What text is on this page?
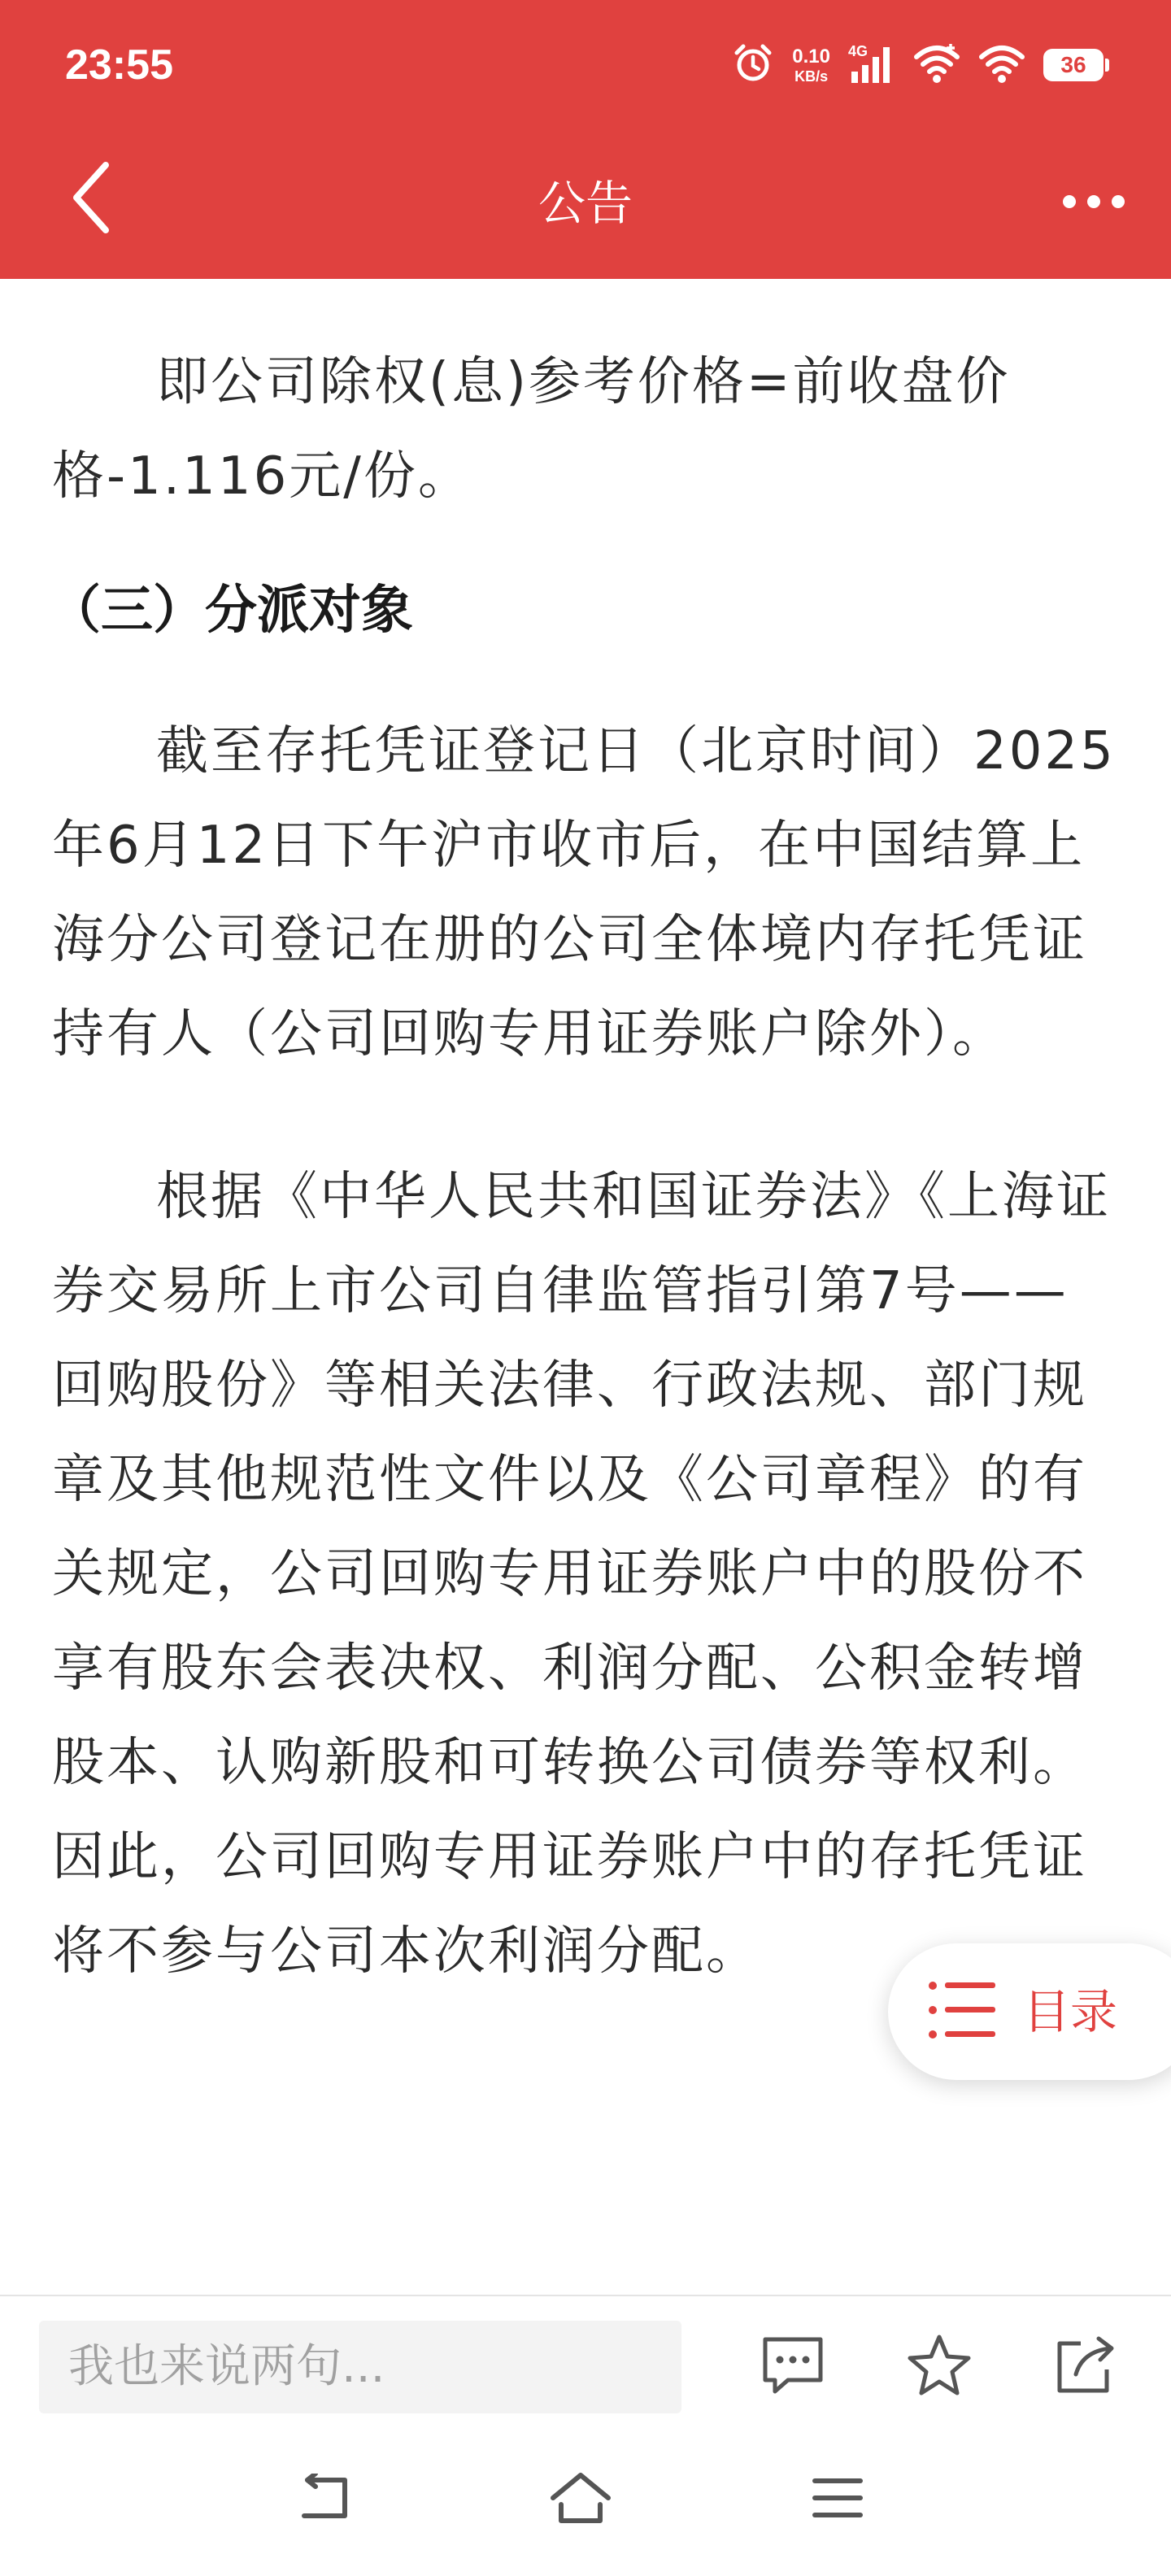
23:55	0.10
KB/s
4G
36
公告

即公司除权(息)参考价格=前收盘价格-1.116元/份。

（三）分派对象

截至存托凭证登记日（北京时间）2025年6月12日下午沪市收市后，在中国结算上海分公司登记在册的公司全体境内存托凭证持有人（公司回购专用证券账户除外）。

根据《中华人民共和国证券法》《上海证券交易所上市公司自律监管指引第7号——回购股份》等相关法律、行政法规、部门规章及其他规范性文件以及《公司章程》的有关规定，公司回购专用证券账户中的股份不享有股东会表决权、利润分配、公积金转增股本、认购新股和可转换公司债券等权利。因此，公司回购专用证券账户中的存托凭证将不参与公司本次利润分配。

目录
我也来说两句...
